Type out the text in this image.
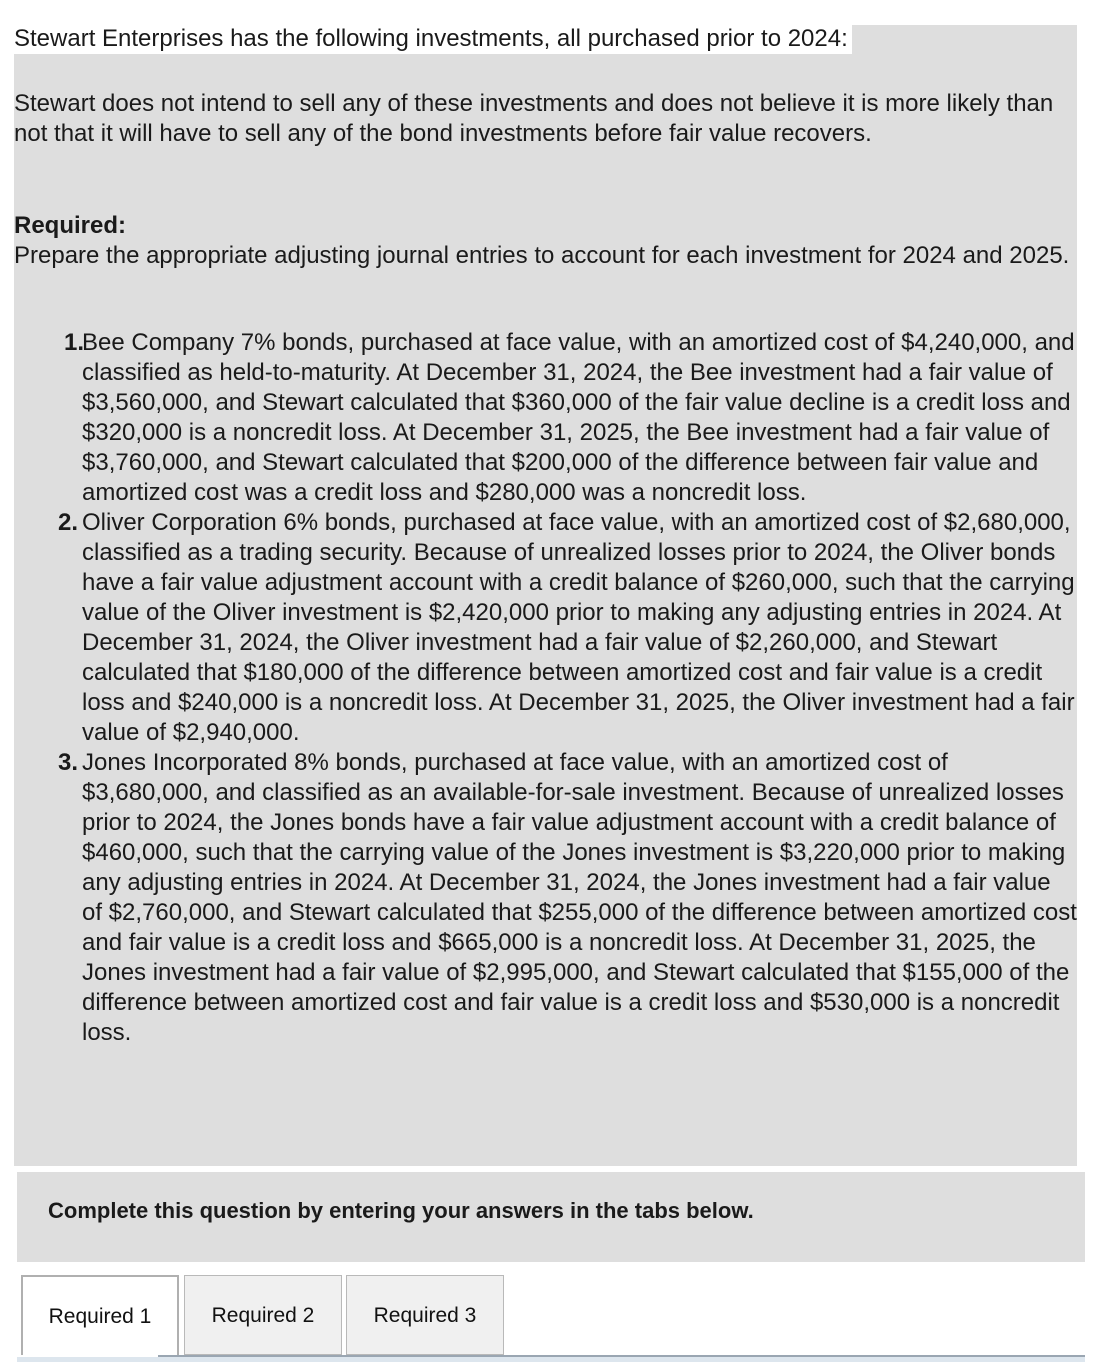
Stewart does not intend to sell any of these investments and does not believe it is more likely than not that it will have to sell any of the bond investments before fair value recovers.
Required:
Prepare the appropriate adjusting journal entries to account for each investment for 2024 and 2025.
1.
Bee Company 7% bonds, purchased at face value, with an amortized cost of $4,240,000, and classified as held-to-maturity. At December 31, 2024, the Bee investment had a fair value of $3,560,000, and Stewart calculated that $360,000 of the fair value decline is a credit loss and $320,000 is a noncredit loss. At December 31, 2025, the Bee investment had a fair value of $3,760,000, and Stewart calculated that $200,000 of the difference between fair value and amortized cost was a credit loss and $280,000 was a noncredit loss.
2. Oliver Corporation 6% bonds, purchased at face value, with an amortized cost of $2,680,000, classified as a trading security. Because of unrealized losses prior to 2024, the Oliver bonds have a fair value adjustment account with a credit balance of $260,000, such that the carrying value of the Oliver investment is $2,420,000 prior to making any adjusting entries in 2024. At December 31, 2024, the Oliver investment had a fair value of $2,260,000, and Stewart calculated that $180,000 of the difference between amortized cost and fair value is a credit loss and $240,000 is a noncredit loss. At December 31, 2025, the Oliver investment had a fair value of $2,940,000.
3. Jones Incorporated 8% bonds, purchased at face value, with an amortized cost of $3,680,000, and classified as an available-for-sale investment. Because of unrealized losses prior to 2024, the Jones bonds have a fair value adjustment account with a credit balance of $460,000, such that the carrying value of the Jones investment is $3,220,000 prior to making any adjusting entries in 2024. At December 31, 2024, the Jones investment had a fair value of $2,760,000, and Stewart calculated that $255,000 of the difference between amortized cost and fair value is a credit loss and $665,000 is a noncredit loss. At December 31, 2025, the Jones investment had a fair value of $2,995,000, and Stewart calculated that $155,000 of the difference between amortized cost and fair value is a credit loss and $530,000 is a noncredit loss.
Stewart Enterprises has the following investments, all purchased prior to 2024:
Complete this question by entering your answers in the tabs below.
Required 1	Required 2	Required 3
